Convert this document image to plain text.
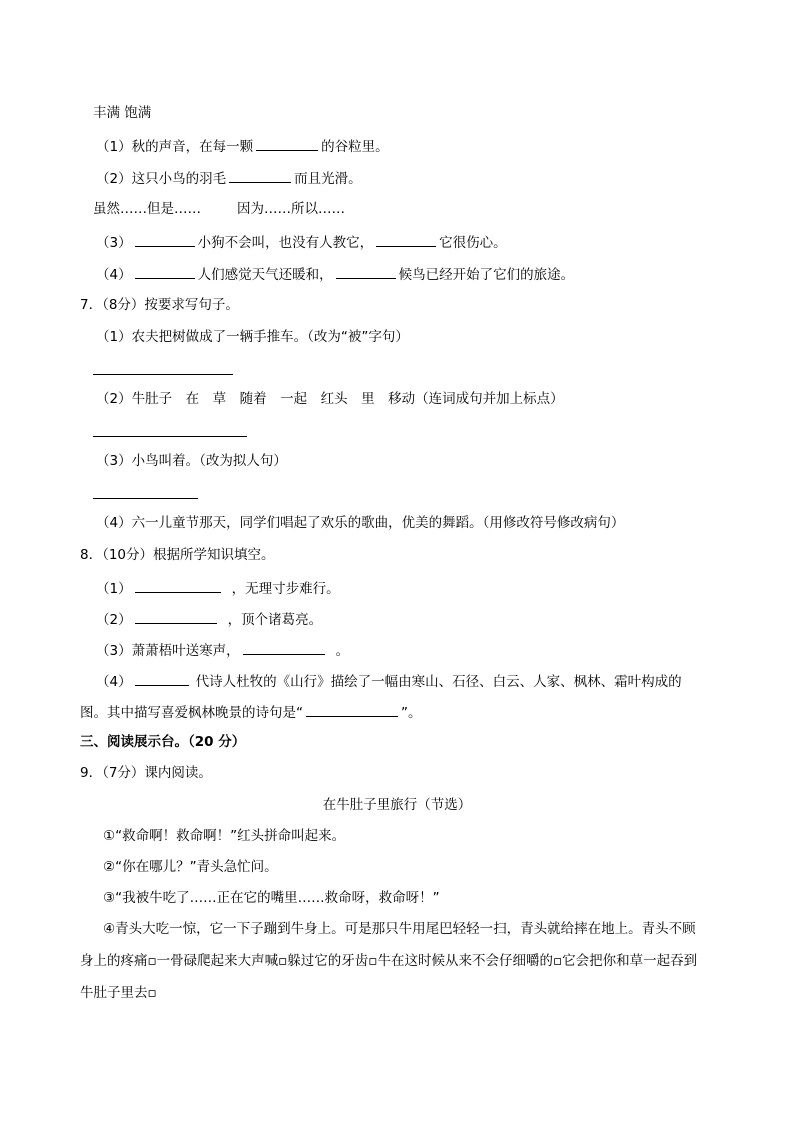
丰满 饱满
（1）秋的声音，在每一颗	的谷粒里。
（2）这只小鸟的羽毛	而且光滑。
虽然……但是……	因为……所以……
（3）	小狗不会叫，也没有人教它，	它很伤心。
（4）	人们感觉天气还暖和，	候鸟已经开始了它们的旅途。
7．（8分）按要求写句子。
（1）农夫把树做成了一辆手推车。（改为“被”字句）
（2）牛肚子　在　草　随着　一起　红头　里　移动（连词成句并加上标点）
（3）小鸟叫着。（改为拟人句）
（4）六一儿童节那天，同学们唱起了欢乐的歌曲，优美的舞蹈。（用修改符号修改病句）
8．（10分）根据所学知识填空。
（1）	，无理寸步难行。
（2）	，顶个诸葛亮。
（3）萧萧梧叶送寒声，	。
（4）	代诗人杜牧的《山行》描绘了一幅由寒山、石径、白云、人家、枫林、霜叶构成的
图。其中描写喜爱枫林晚景的诗句是“	”。
三、阅读展示台。（20 分）
9．（7分）课内阅读。
在牛肚子里旅行（节选）
①“救命啊！救命啊！”红头拼命叫起来。
②“你在哪儿？”青头急忙问。
③“我被牛吃了……正在它的嘴里……救命呀，救命呀！”
④青头大吃一惊，它一下子蹦到牛身上。可是那只牛用尾巴轻轻一扫，青头就给摔在地上。青头不顾
身上的疼痛▫一骨碌爬起来大声喊▫躲过它的牙齿▫牛在这时候从来不会仔细嚼的▫它会把你和草一起吞到
牛肚子里去▫
